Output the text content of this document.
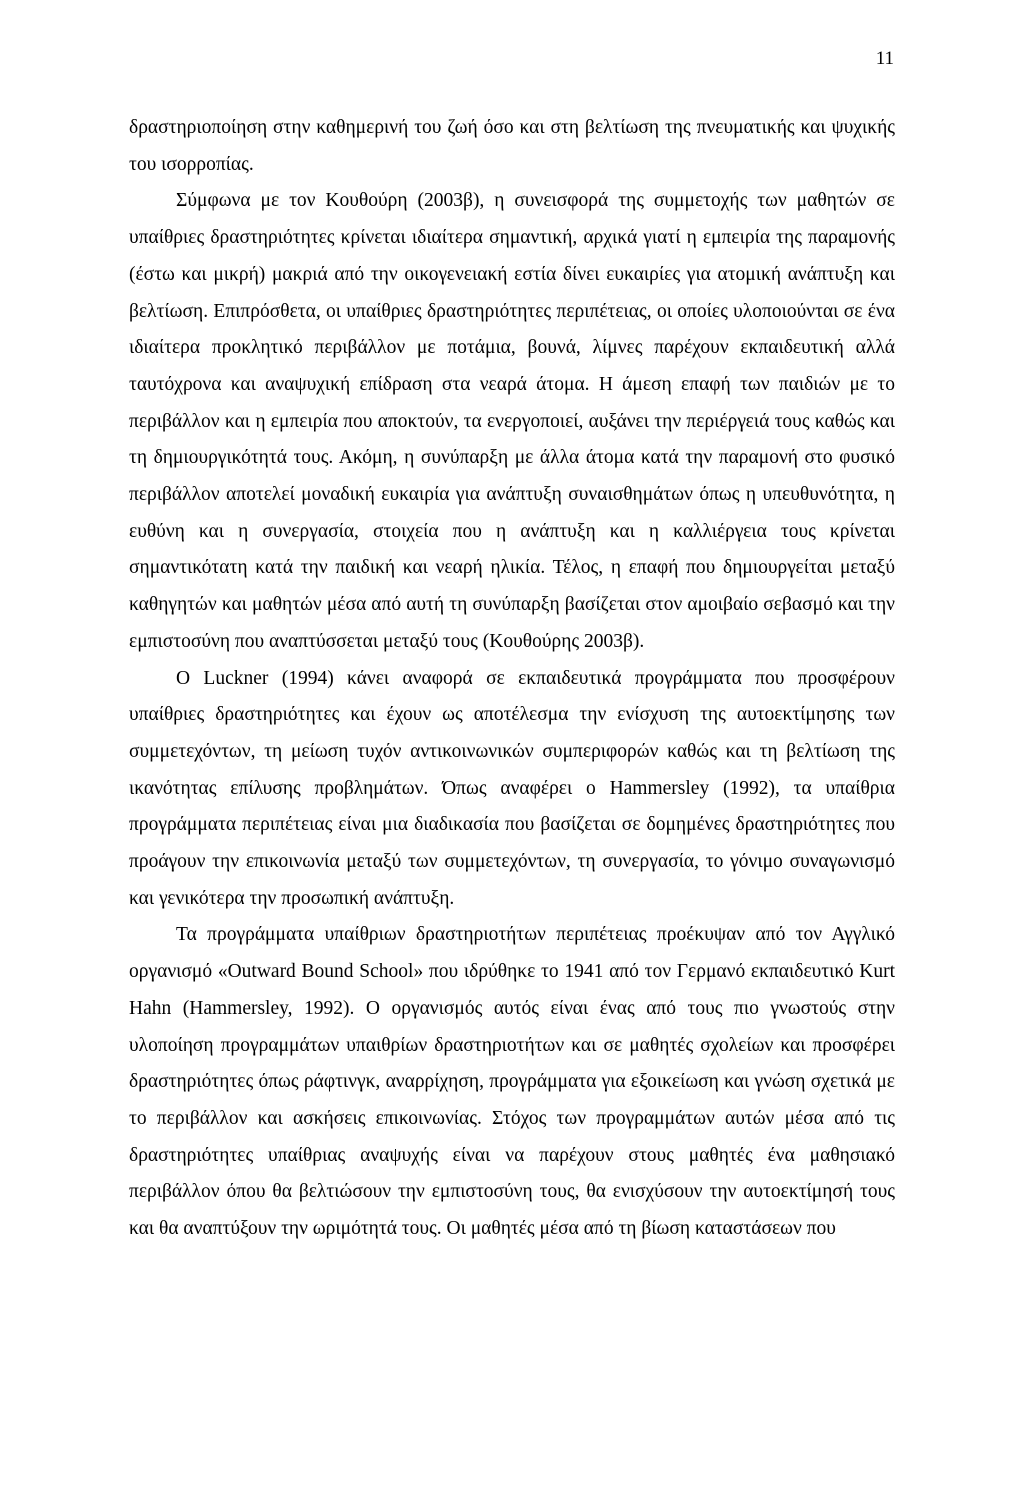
11

δραστηριοποίηση στην καθημερινή του ζωή όσο και στη βελτίωση της πνευματικής και ψυχικής του ισορροπίας.

Σύμφωνα με τον Κουθούρη (2003β), η συνεισφορά της συμμετοχής των μαθητών σε υπαίθριες δραστηριότητες κρίνεται ιδιαίτερα σημαντική, αρχικά γιατί η εμπειρία της παραμονής (έστω και μικρή) μακριά από την οικογενειακή εστία δίνει ευκαιρίες για ατομική ανάπτυξη και βελτίωση. Επιπρόσθετα, οι υπαίθριες δραστηριότητες περιπέτειας, οι οποίες υλοποιούνται σε ένα ιδιαίτερα προκλητικό περιβάλλον με ποτάμια, βουνά, λίμνες παρέχουν εκπαιδευτική αλλά ταυτόχρονα και αναψυχική επίδραση στα νεαρά άτομα. Η άμεση επαφή των παιδιών με το περιβάλλον και η εμπειρία που αποκτούν, τα ενεργοποιεί, αυξάνει την περιέργειά τους καθώς και τη δημιουργικότητά τους. Ακόμη, η συνύπαρξη με άλλα άτομα κατά την παραμονή στο φυσικό περιβάλλον αποτελεί μοναδική ευκαιρία για ανάπτυξη συναισθημάτων όπως η υπευθυνότητα, η ευθύνη και η συνεργασία, στοιχεία που η ανάπτυξη και η καλλιέργεια τους κρίνεται σημαντικότατη κατά την παιδική και νεαρή ηλικία. Τέλος, η επαφή που δημιουργείται μεταξύ καθηγητών και μαθητών μέσα από αυτή τη συνύπαρξη βασίζεται στον αμοιβαίο σεβασμό και την εμπιστοσύνη που αναπτύσσεται μεταξύ τους (Κουθούρης 2003β).

Ο Luckner (1994) κάνει αναφορά σε εκπαιδευτικά προγράμματα που προσφέρουν υπαίθριες δραστηριότητες και έχουν ως αποτέλεσμα την ενίσχυση της αυτοεκτίμησης των συμμετεχόντων, τη μείωση τυχόν αντικοινωνικών συμπεριφορών καθώς και τη βελτίωση της ικανότητας επίλυσης προβλημάτων. Όπως αναφέρει ο Hammersley (1992), τα υπαίθρια προγράμματα περιπέτειας είναι μια διαδικασία που βασίζεται σε δομημένες δραστηριότητες που προάγουν την επικοινωνία μεταξύ των συμμετεχόντων, τη συνεργασία, το γόνιμο συναγωνισμό και γενικότερα την προσωπική ανάπτυξη.

Τα προγράμματα υπαίθριων δραστηριοτήτων περιπέτειας προέκυψαν από τον Αγγλικό οργανισμό «Outward Bound School» που ιδρύθηκε το 1941 από τον Γερμανό εκπαιδευτικό Kurt Hahn (Hammersley, 1992). Ο οργανισμός αυτός είναι ένας από τους πιο γνωστούς στην υλοποίηση προγραμμάτων υπαιθρίων δραστηριοτήτων και σε μαθητές σχολείων και προσφέρει δραστηριότητες όπως ράφτινγκ, αναρρίχηση, προγράμματα για εξοικείωση και γνώση σχετικά με το περιβάλλον και ασκήσεις επικοινωνίας. Στόχος των προγραμμάτων αυτών μέσα από τις δραστηριότητες υπαίθριας αναψυχής είναι να παρέχουν στους μαθητές ένα μαθησιακό περιβάλλον όπου θα βελτιώσουν την εμπιστοσύνη τους, θα ενισχύσουν την αυτοεκτίμησή τους και θα αναπτύξουν την ωριμότητά τους. Οι μαθητές μέσα από τη βίωση καταστάσεων που
